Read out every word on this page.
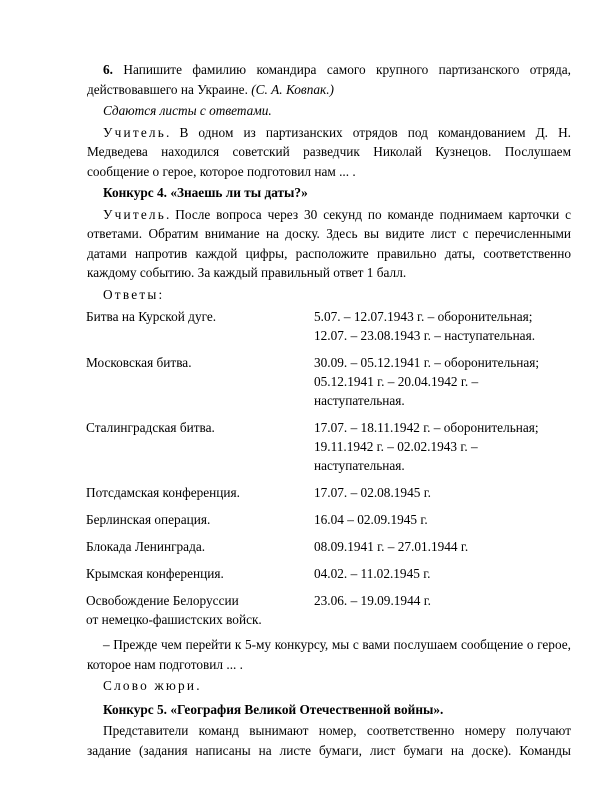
6. Напишите фамилию командира самого крупного партизанского отряда, действовавшего на Украине. (С. А. Ковпак.)

Сдаются листы с ответами.

Учитель. В одном из партизанских отрядов под командованием Д. Н. Медведева находился советский разведчик Николай Кузнецов. Послушаем сообщение о герое, которое подготовил нам ... .

Конкурс 4. «Знаешь ли ты даты?»

Учитель. После вопроса через 30 секунд по команде поднимаем карточки с ответами. Обратим внимание на доску. Здесь вы видите лист с перечисленными датами напротив каждой цифры, расположите правильно даты, соответственно каждому событию. За каждый правильный ответ 1 балл.

Ответы:

Битва на Курской дуге.	5.07. – 12.07.1943 г. – оборонительная;
12.07. – 23.08.1943 г. – наступательная.

Московская битва.	30.09. – 05.12.1941 г. – оборонительная;
05.12.1941 г. – 20.04.1942 г. –
наступательная.

Сталинградская битва.	17.07. – 18.11.1942 г. – оборонительная;
19.11.1942 г. – 02.02.1943 г. –
наступательная.

Потсдамская конференция.	17.07. – 02.08.1945 г.

Берлинская операция.	16.04 – 02.09.1945 г.

Блокада Ленинграда.	08.09.1941 г. – 27.01.1944 г.

Крымская конференция.	04.02. – 11.02.1945 г.

Освобождение Белоруссии
от немецко-фашистских войск.	23.06. – 19.09.1944 г.

– Прежде чем перейти к 5-му конкурсу, мы с вами послушаем сообщение о герое, которое нам подготовил ... .

Слово жюри.

Конкурс 5. «География Великой Отечественной войны».

Представители команд вынимают номер, соответственно номеру получают задание (задания написаны на листе бумаги, лист бумаги на доске). Команды
